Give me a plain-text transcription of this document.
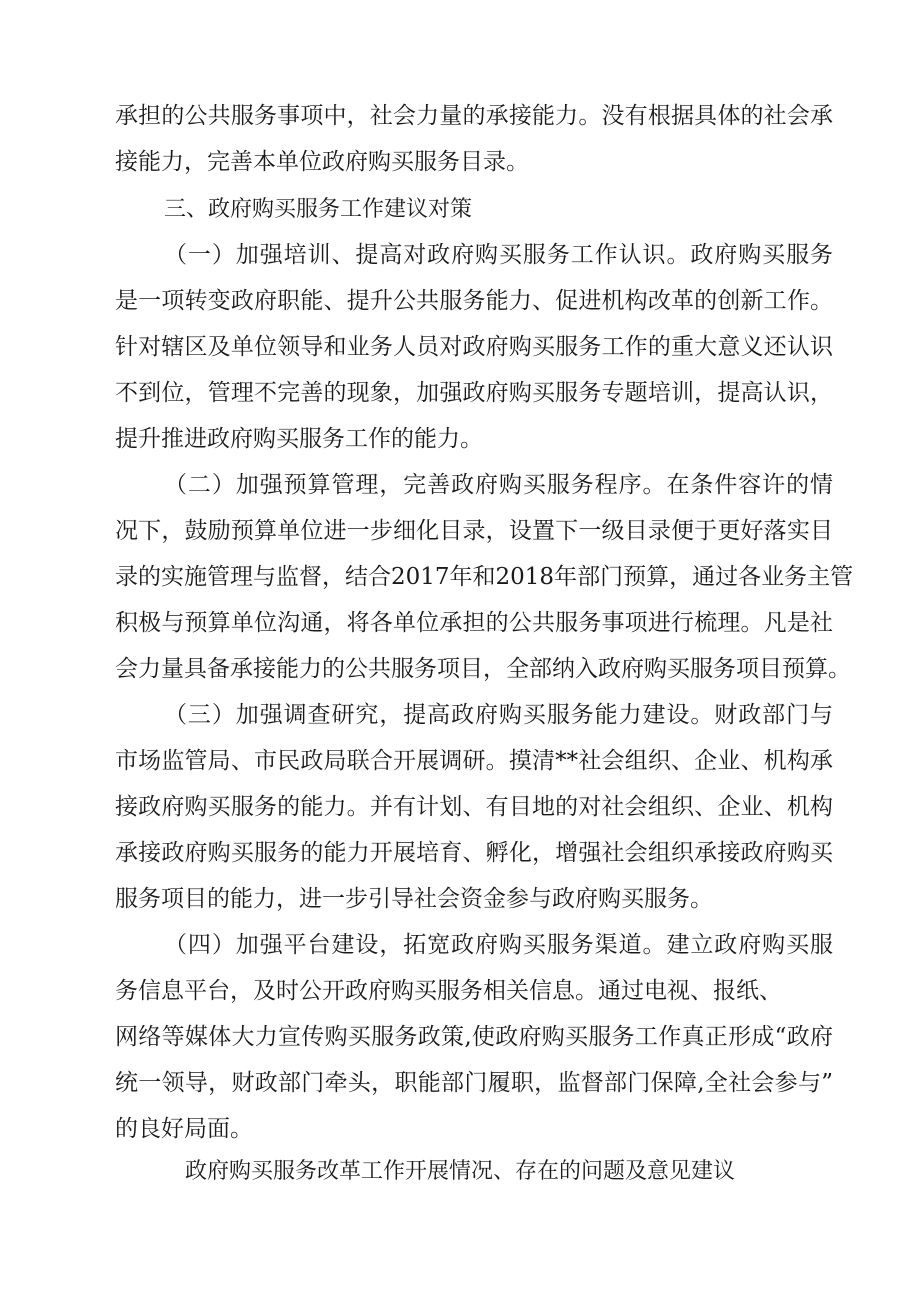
承担的公共服务事项中，社会力量的承接能力。没有根据具体的社会承
接能力，完善本单位政府购买服务目录。
三、政府购买服务工作建议对策
（一）加强培训、提高对政府购买服务工作认识。政府购买服务
是一项转变政府职能、提升公共服务能力、促进机构改革的创新工作。
针对辖区及单位领导和业务人员对政府购买服务工作的重大意义还认识
不到位，管理不完善的现象，加强政府购买服务专题培训，提高认识，
提升推进政府购买服务工作的能力。
（二）加强预算管理，完善政府购买服务程序。在条件容许的情
况下，鼓励预算单位进一步细化目录，设置下一级目录便于更好落实目
录的实施管理与监督，结合2017年和2018年部门预算，通过各业务主管
积极与预算单位沟通，将各单位承担的公共服务事项进行梳理。凡是社
会力量具备承接能力的公共服务项目，全部纳入政府购买服务项目预算。
（三）加强调查研究，提高政府购买服务能力建设。财政部门与
市场监管局、市民政局联合开展调研。摸清**社会组织、企业、机构承
接政府购买服务的能力。并有计划、有目地的对社会组织、企业、机构
承接政府购买服务的能力开展培育、孵化，增强社会组织承接政府购买
服务项目的能力，进一步引导社会资金参与政府购买服务。
（四）加强平台建设，拓宽政府购买服务渠道。建立政府购买服
务信息平台，及时公开政府购买服务相关信息。通过电视、报纸、
网络等媒体大力宣传购买服务政策,使政府购买服务工作真正形成“政府
统一领导，财政部门牵头，职能部门履职，监督部门保障,全社会参与”
的良好局面。
政府购买服务改革工作开展情况、存在的问题及意见建议
